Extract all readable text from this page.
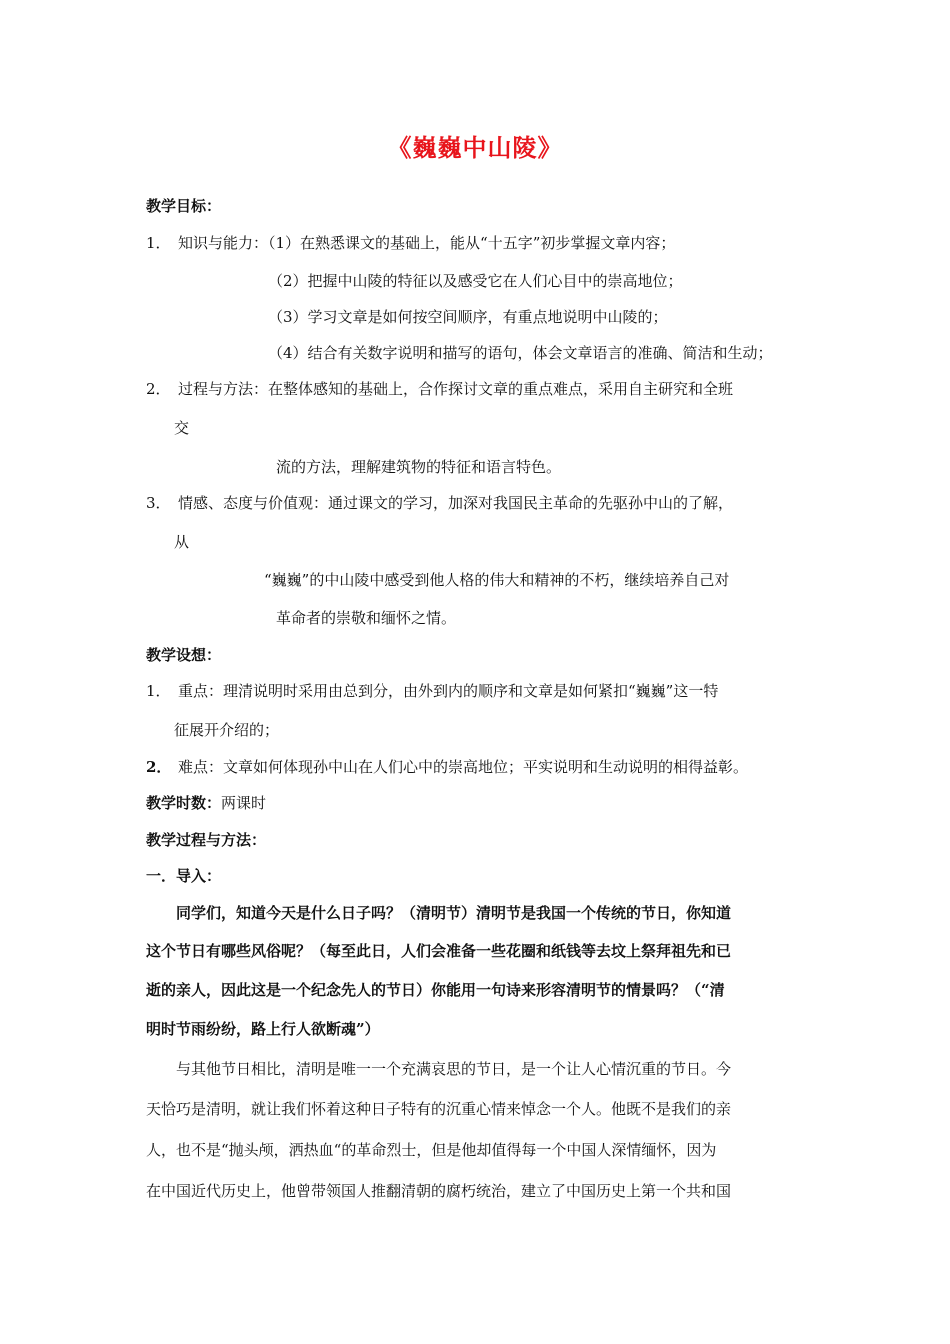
《巍巍中山陵》
教学目标：
1． 知识与能力：（1）在熟悉课文的基础上，能从“十五字”初步掌握文章内容；
（2）把握中山陵的特征以及感受它在人们心目中的崇高地位；
（3）学习文章是如何按空间顺序，有重点地说明中山陵的；
（4）结合有关数字说明和描写的语句，体会文章语言的准确、简洁和生动；
2． 过程与方法：在整体感知的基础上，合作探讨文章的重点难点，采用自主研究和全班
交
流的方法，理解建筑物的特征和语言特色。
3． 情感、态度与价值观：通过课文的学习，加深对我国民主革命的先驱孙中山的了解，
从
“巍巍”的中山陵中感受到他人格的伟大和精神的不朽，继续培养自己对
革命者的崇敬和缅怀之情。
教学设想：
1． 重点：理清说明时采用由总到分，由外到内的顺序和文章是如何紧扣“巍巍”这一特
征展开介绍的；
2． 难点：文章如何体现孙中山在人们心中的崇高地位；平实说明和生动说明的相得益彰。
教学时数：两课时
教学过程与方法：
一．导入：
同学们，知道今天是什么日子吗？（清明节）清明节是我国一个传统的节日，你知道
这个节日有哪些风俗呢？（每至此日，人们会准备一些花圈和纸钱等去坟上祭拜祖先和已
逝的亲人，因此这是一个纪念先人的节日）你能用一句诗来形容清明节的情景吗？（“清
明时节雨纷纷，路上行人欲断魂”）
与其他节日相比，清明是唯一一个充满哀思的节日，是一个让人心情沉重的节日。今
天恰巧是清明，就让我们怀着这种日子特有的沉重心情来悼念一个人。他既不是我们的亲
人，也不是“抛头颅，洒热血“的革命烈士，但是他却值得每一个中国人深情缅怀，因为
在中国近代历史上，他曾带领国人推翻清朝的腐朽统治，建立了中国历史上第一个共和国
